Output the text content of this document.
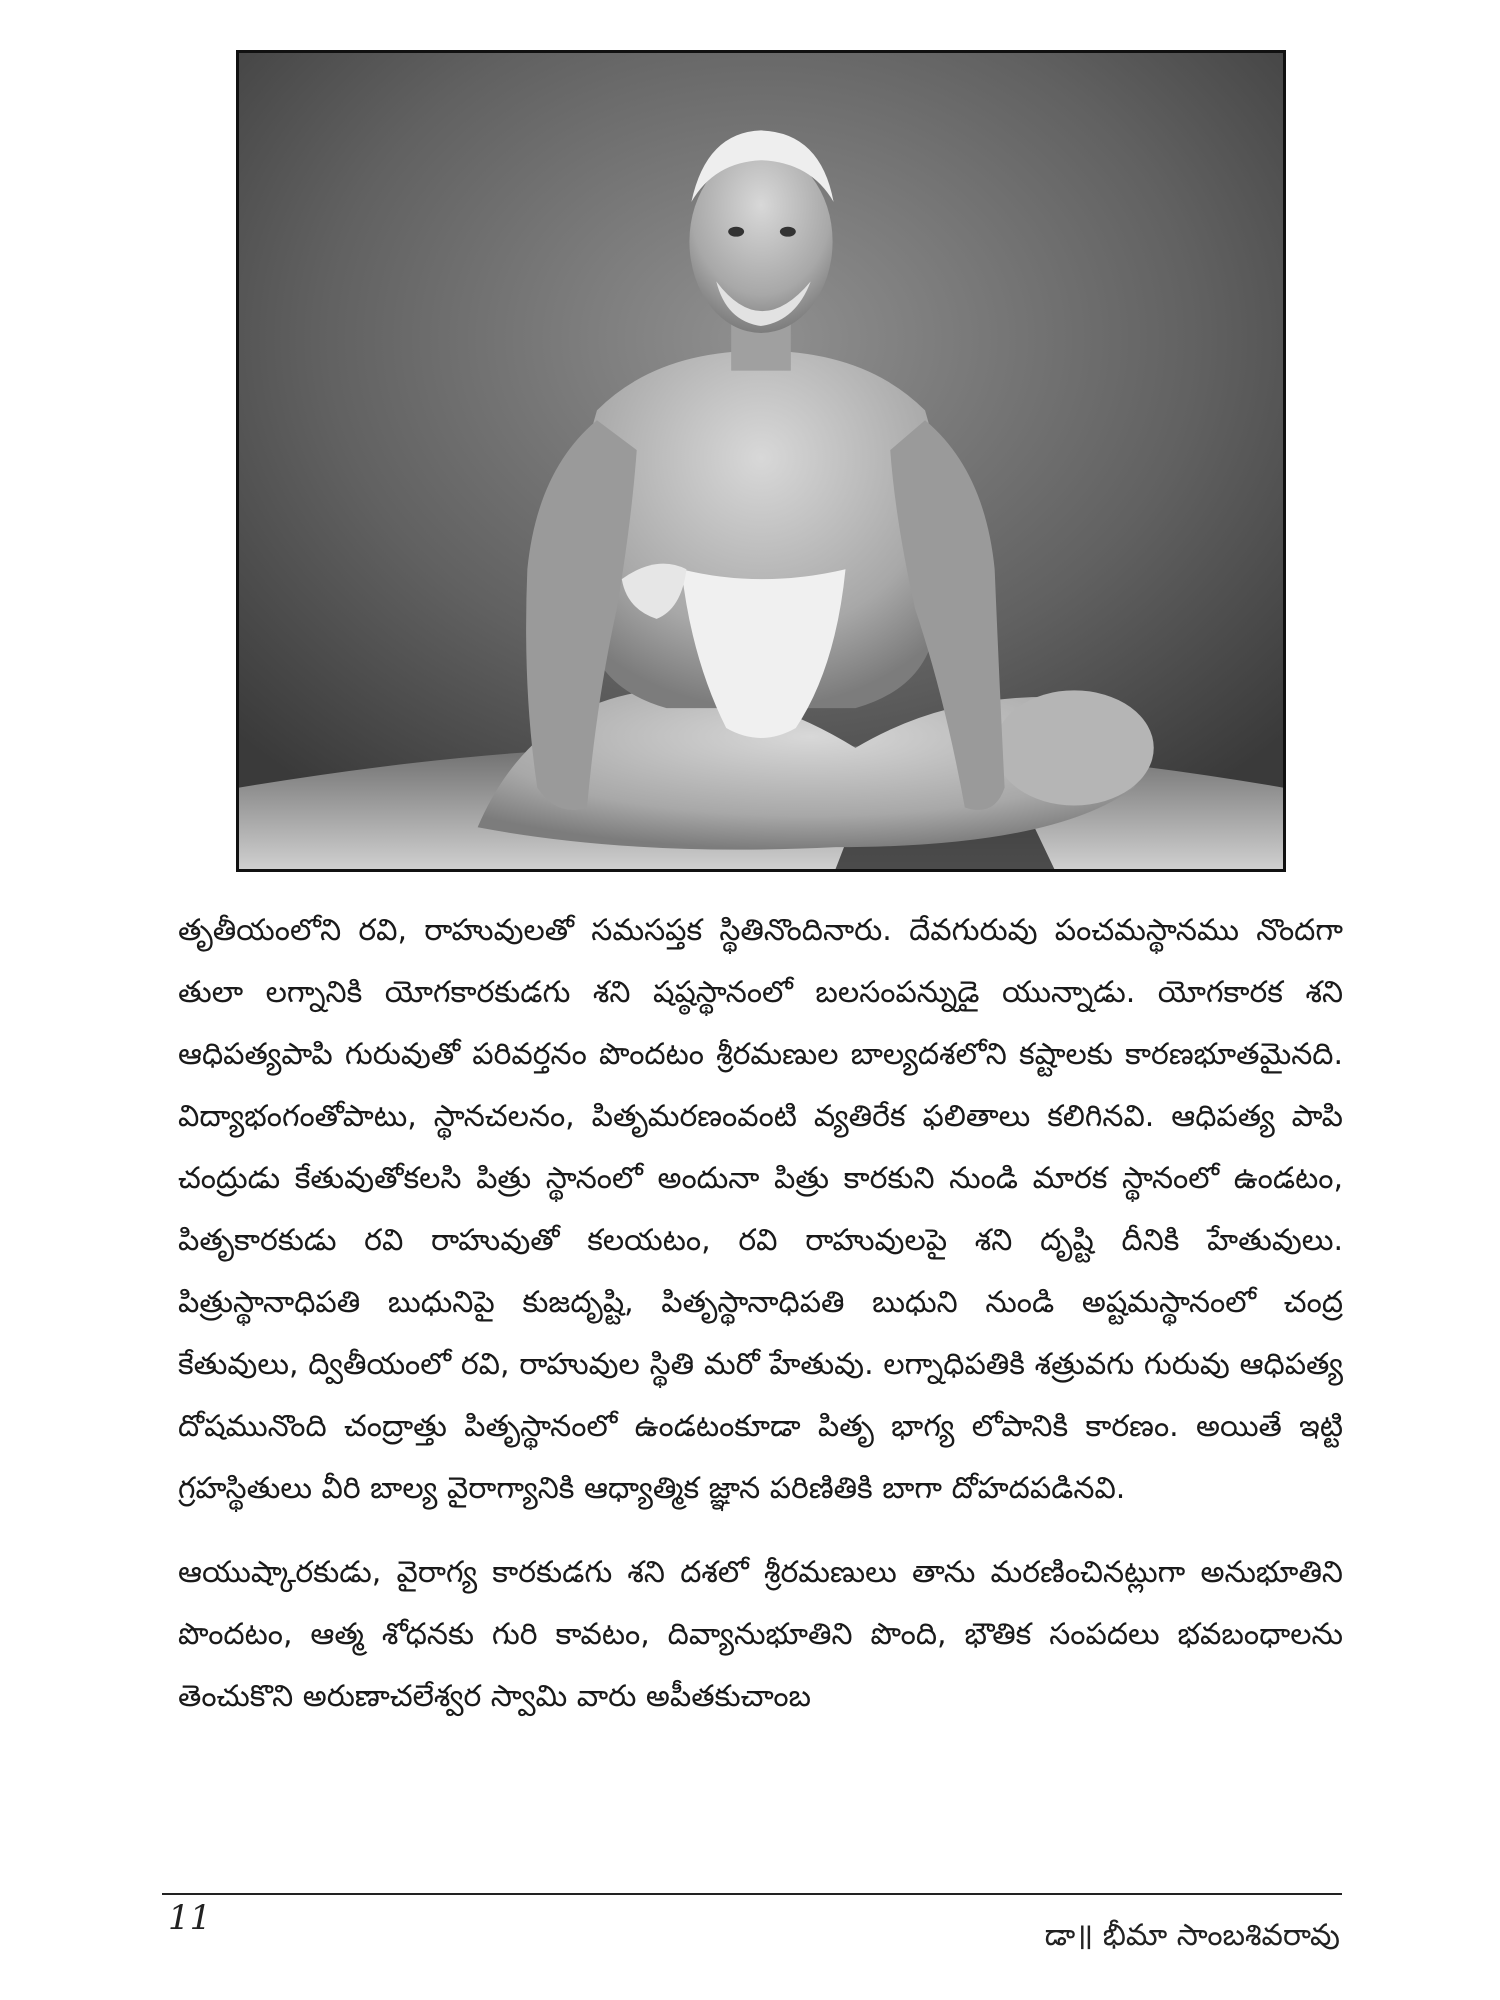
తృతీయంలోని రవి, రాహువులతో సమసప్తక స్థితినొందినారు. దేవగురువు పంచమస్థానము నొందగా తులా లగ్నానికి యోగకారకుడగు శని షష్ఠస్థానంలో బలసంపన్నుడై యున్నాడు. యోగకారక శని ఆధిపత్యపాపి గురువుతో పరివర్తనం పొందటం శ్రీరమణుల బాల్యదశలోని కష్టాలకు కారణభూతమైనది. విద్యాభంగంతోపాటు, స్థానచలనం, పితృమరణంవంటి వ్యతిరేక ఫలితాలు కలిగినవి. ఆధిపత్య పాపి చంద్రుడు కేతువుతోకలసి పిత్రు స్థానంలో అందునా పిత్రు కారకుని నుండి మారక స్థానంలో ఉండటం, పితృకారకుడు రవి రాహువుతో కలయటం, రవి రాహువులపై శని దృష్టి దీనికి హేతువులు. పిత్రుస్థానాధిపతి బుధునిపై కుజదృష్టి, పితృస్థానాధిపతి బుధుని నుండి అష్టమస్థానంలో చంద్ర కేతువులు, ద్వితీయంలో రవి, రాహువుల స్థితి మరో హేతువు. లగ్నాధిపతికి శత్రువగు గురువు ఆధిపత్య దోషమునొంది చంద్రాత్తు పితృస్థానంలో ఉండటంకూడా పితృ భాగ్య లోపానికి కారణం. అయితే ఇట్టి గ్రహస్థితులు వీరి బాల్య వైరాగ్యానికి ఆధ్యాత్మిక జ్ఞాన పరిణితికి బాగా దోహదపడినవి.

ఆయుష్కారకుడు, వైరాగ్య కారకుడగు శని దశలో శ్రీరమణులు తాను మరణించినట్లుగా అనుభూతిని పొందటం, ఆత్మ శోధనకు గురి కావటం, దివ్యానుభూతిని పొంది, భౌతిక సంపదలు భవబంధాలను తెంచుకొని అరుణాచలేశ్వర స్వామి వారు అపీతకుచాంబ

11	డా॥ భీమా సాంబశివరావు
